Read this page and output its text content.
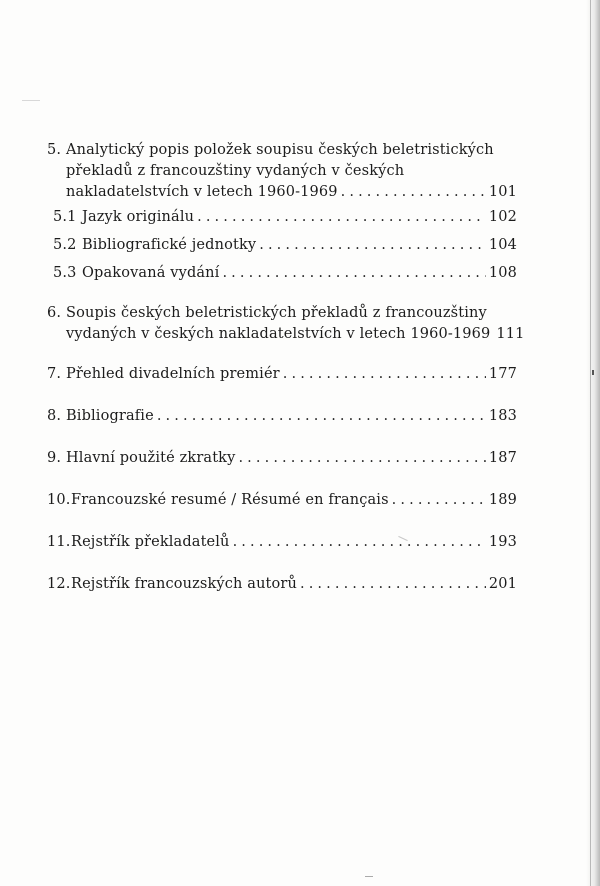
5. Analytický popis položek soupisu českých beletristických
překladů z francouzštiny vydaných v českých
nakladatelstvích v letech 1960-1969 . . .	101
5.1 Jazyk originálu . . .	102
5.2 Bibliografické jednotky . . .	104
5.3 Opakovaná vydání . . .	108
6. Soupis českých beletristických překladů z francouzštiny
vydaných v českých nakladatelstvích v letech 1960-1969 111
7. Přehled divadelních premiér . . .	177
8. Bibliografie . . .	183
9. Hlavní použité zkratky . . .	187
10. Francouzské resumé / Résumé en français . . .	189
11. Rejstřík překladatelů . . .	193
12. Rejstřík francouzských autorů . . .	201
